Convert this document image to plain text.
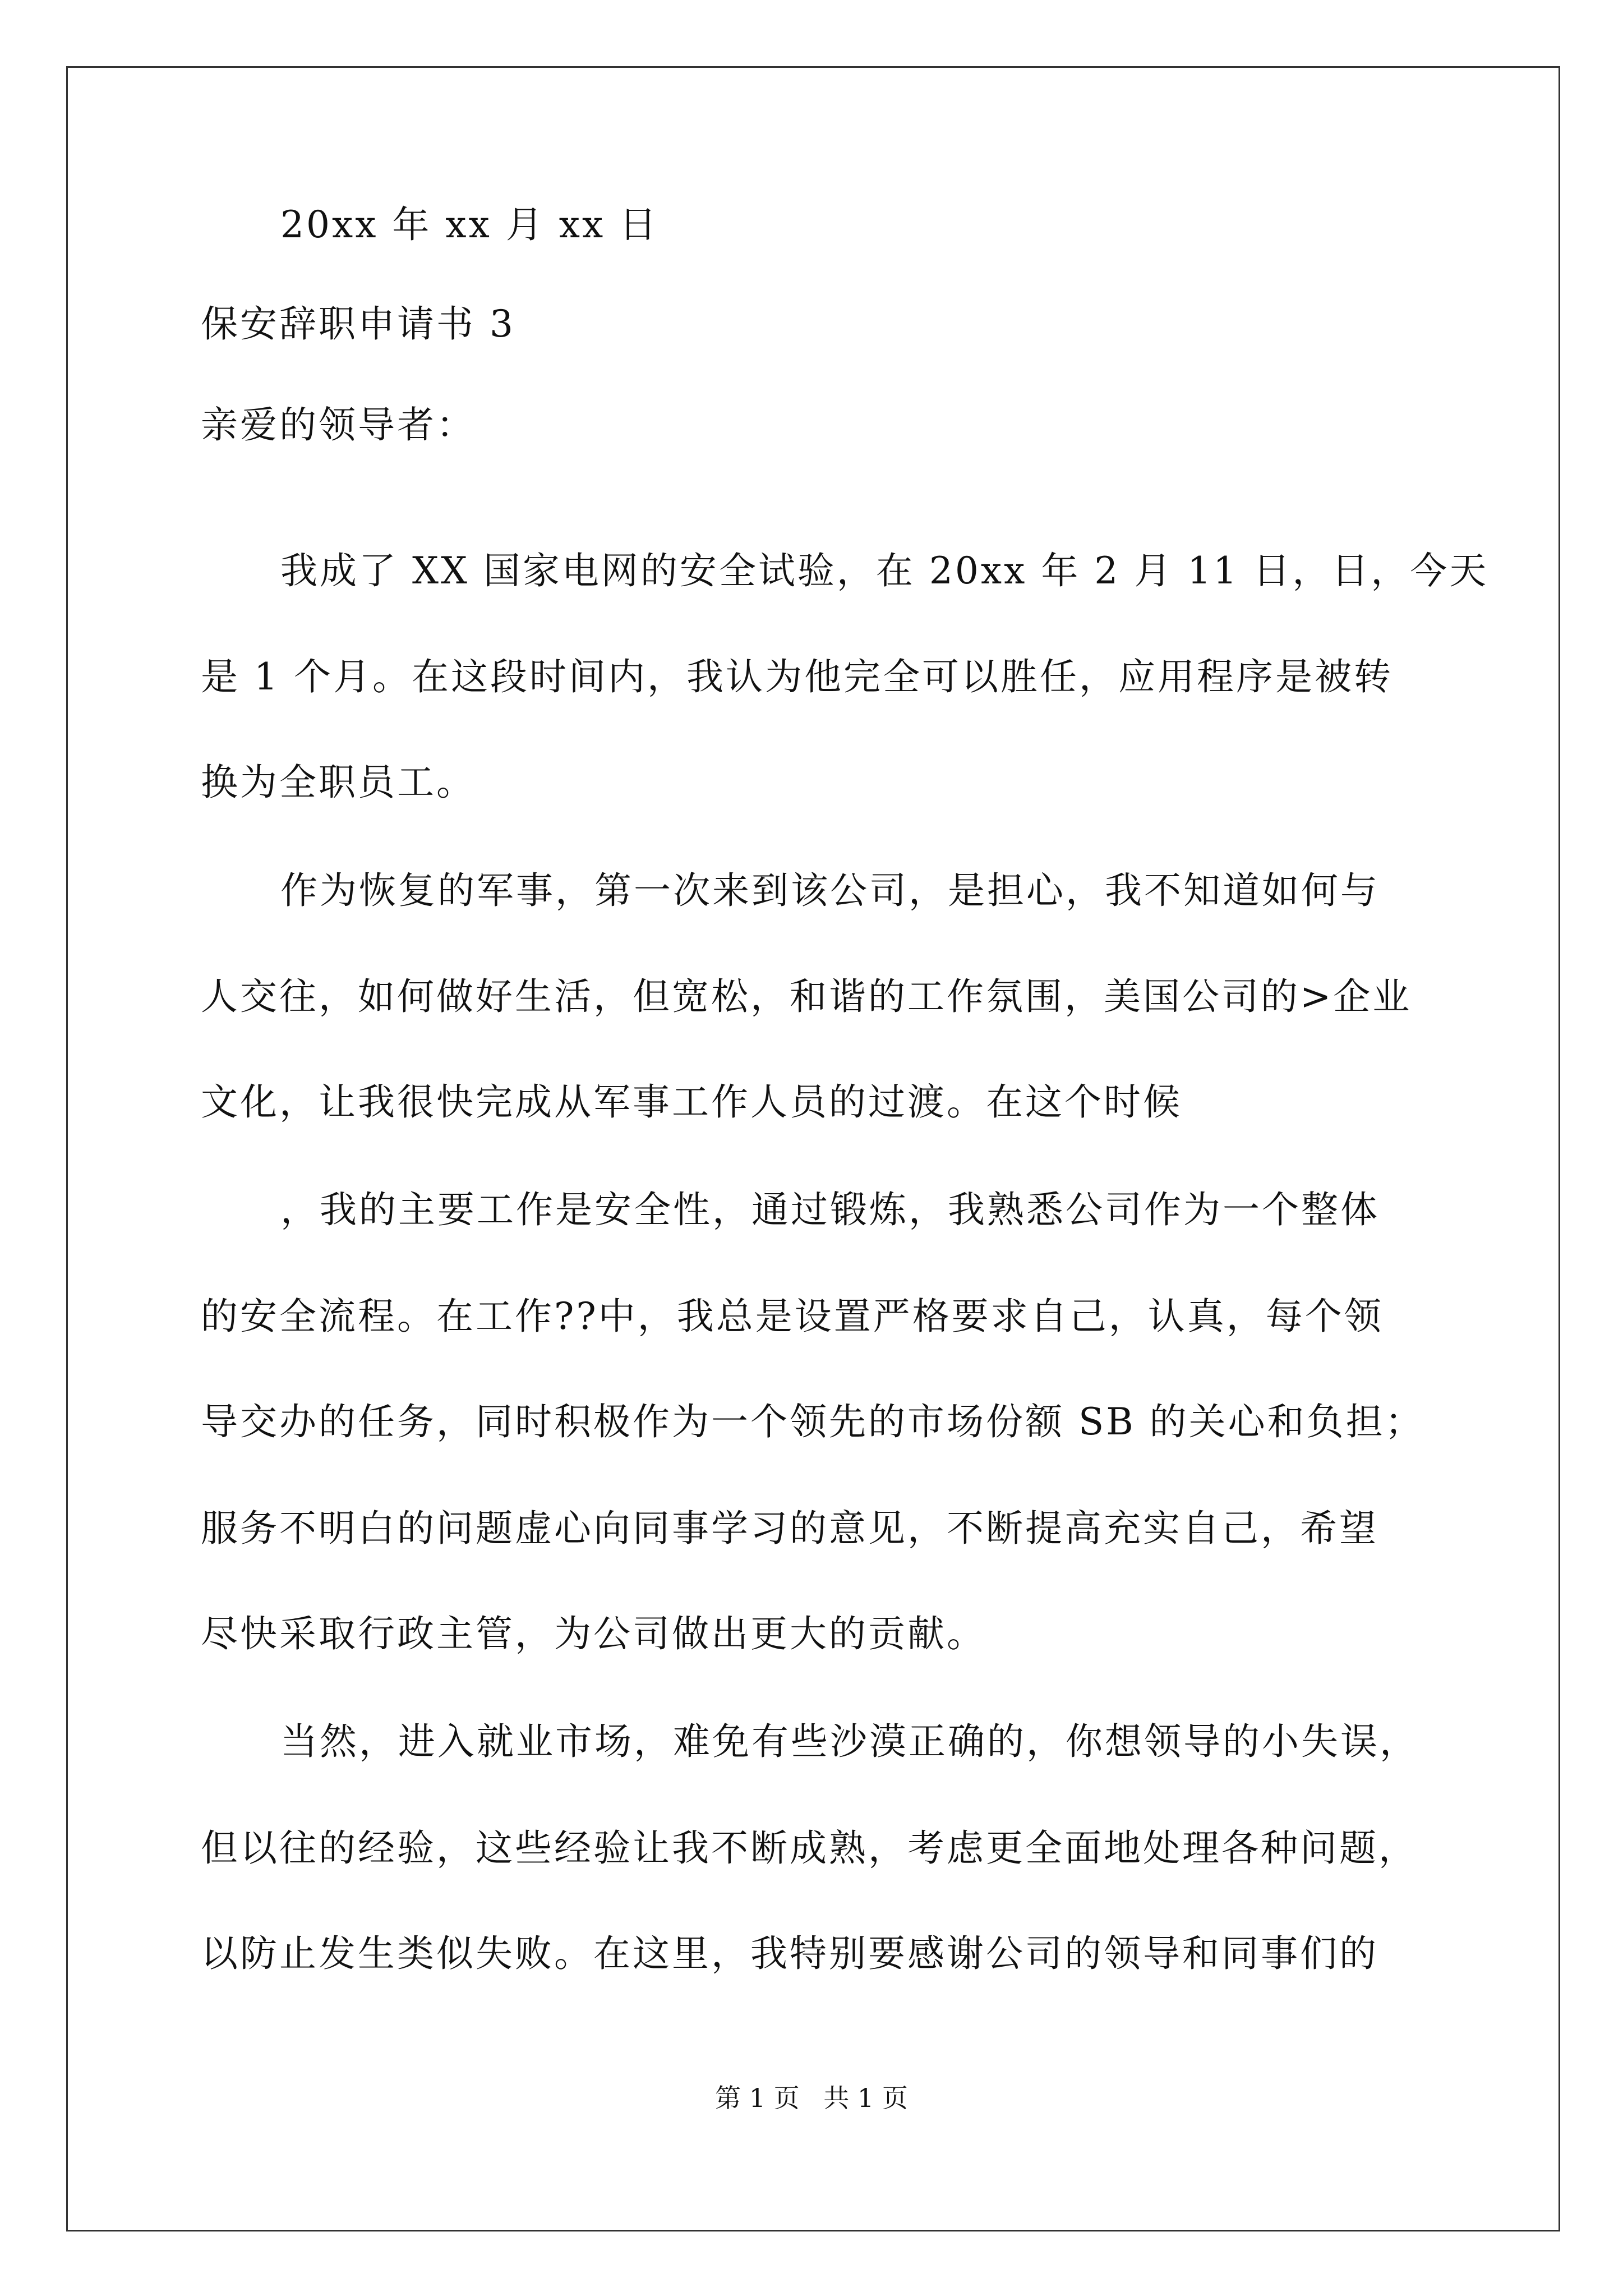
20xx 年 xx 月 xx 日
保安辞职申请书 3
亲爱的领导者：
我成了 XX 国家电网的安全试验，在 20xx 年 2 月 11 日，日，今天
是 1 个月。在这段时间内，我认为他完全可以胜任，应用程序是被转
换为全职员工。
作为恢复的军事，第一次来到该公司，是担心，我不知道如何与
人交往，如何做好生活，但宽松，和谐的工作氛围，美国公司的>企业
文化，让我很快完成从军事工作人员的过渡。在这个时候
，我的主要工作是安全性，通过锻炼，我熟悉公司作为一个整体
的安全流程。在工作??中，我总是设置严格要求自己，认真，每个领
导交办的任务，同时积极作为一个领先的市场份额 SB 的关心和负担；
服务不明白的问题虚心向同事学习的意见，不断提高充实自己，希望
尽快采取行政主管，为公司做出更大的贡献。
当然，进入就业市场，难免有些沙漠正确的，你想领导的小失误，
但以往的经验，这些经验让我不断成熟，考虑更全面地处理各种问题，
以防止发生类似失败。在这里，我特别要感谢公司的领导和同事们的
第 1 页 共 1 页
